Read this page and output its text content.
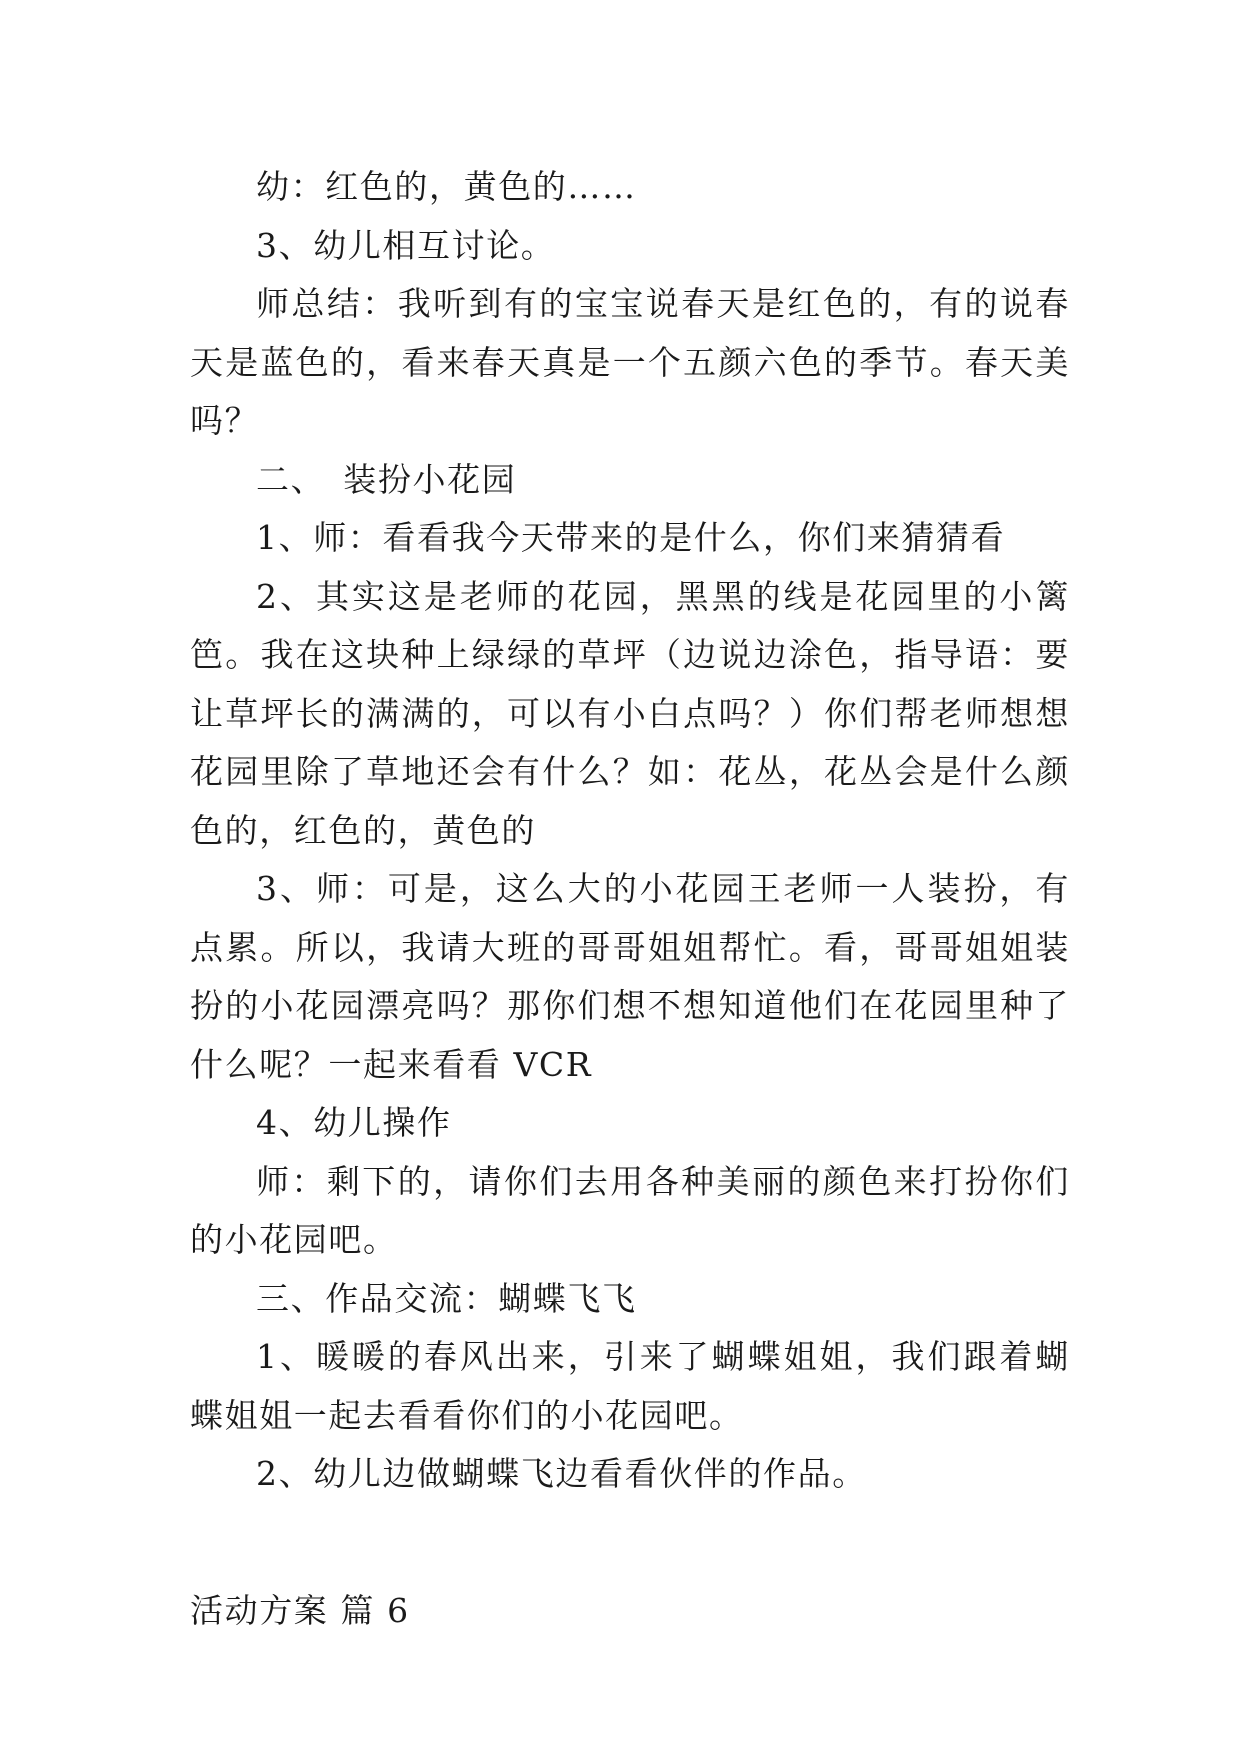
幼：红色的，黄色的……

3、幼儿相互讨论。

师总结：我听到有的宝宝说春天是红色的，有的说春天是蓝色的，看来春天真是一个五颜六色的季节。春天美吗？

二、　装扮小花园

1、师：看看我今天带来的是什么，你们来猜猜看

2、其实这是老师的花园，黑黑的线是花园里的小篱笆。我在这块种上绿绿的草坪（边说边涂色，指导语：要让草坪长的满满的，可以有小白点吗？）你们帮老师想想花园里除了草地还会有什么？如：花丛，花丛会是什么颜色的，红色的，黄色的

3、师：可是，这么大的小花园王老师一人装扮，有点累。所以，我请大班的哥哥姐姐帮忙。看，哥哥姐姐装扮的小花园漂亮吗？那你们想不想知道他们在花园里种了什么呢？一起来看看 VCR

4、幼儿操作

师：剩下的，请你们去用各种美丽的颜色来打扮你们的小花园吧。

三、作品交流：蝴蝶飞飞

1、暖暖的春风出来，引来了蝴蝶姐姐，我们跟着蝴蝶姐姐一起去看看你们的小花园吧。

2、幼儿边做蝴蝶飞边看看伙伴的作品。

活动方案 篇 6
